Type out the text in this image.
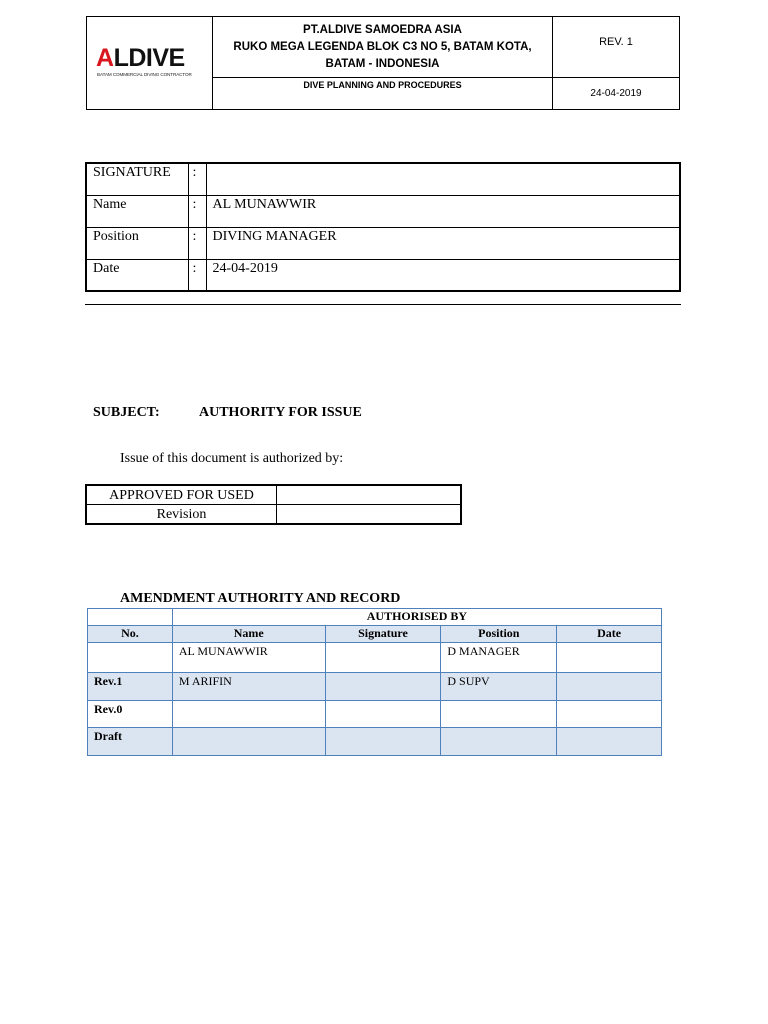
ALDIVE
BATAM COMMERCIAL DIVING CONTRACTOR
PT.ALDIVE SAMOEDRA ASIA
RUKO MEGA LEGENDA BLOK C3 NO 5, BATAM KOTA,
BATAM - INDONESIA
DIVE PLANNING AND PROCEDURES
REV. 1
24-04-2019
SIGNATURE	:	
Name	:	AL MUNAWWIR
Position	:	DIVING MANAGER
Date	:	24-04-2019
SUBJECT:	AUTHORITY FOR ISSUE
Issue of this document is authorized by:
APPROVED FOR USED	
Revision	
AMENDMENT AUTHORITY AND RECORD
	AUTHORISED BY			
No.	Name	Signature	Position	Date
	AL MUNAWWIR		D MANAGER	
Rev.1	M ARIFIN		D SUPV	
Rev.0				
Draft				
